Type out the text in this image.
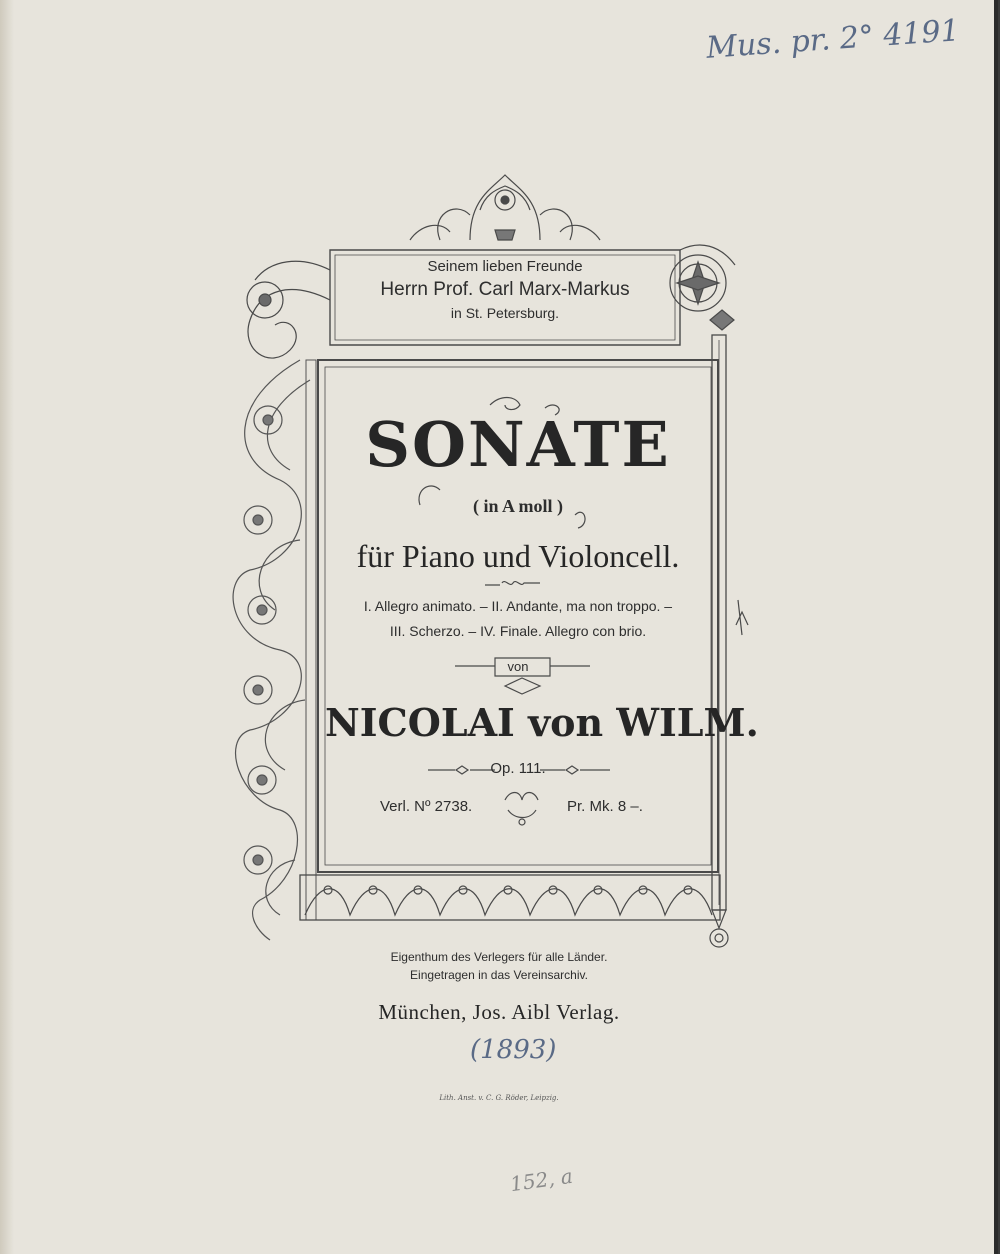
Mus. pr. 2° 4191
Seinem lieben Freunde
Herrn Prof. Carl Marx-Markus
in St. Petersburg.
SONATE
( in A moll )
für Piano und Violoncell.
I. Allegro animato. ‒ II. Andante, ma non troppo. ‒
III. Scherzo. ‒ IV. Finale. Allegro con brio.
von
NICOLAI von WILM.
Op. 111.
Verl. Nº 2738.	Pr. Mk. 8 ‒.
Eigenthum des Verlegers für alle Länder.
Eingetragen in das Vereinsarchiv.
München, Jos. Aibl Verlag.
(1893)
Lith. Anst. v. C. G. Röder, Leipzig.
152, a
